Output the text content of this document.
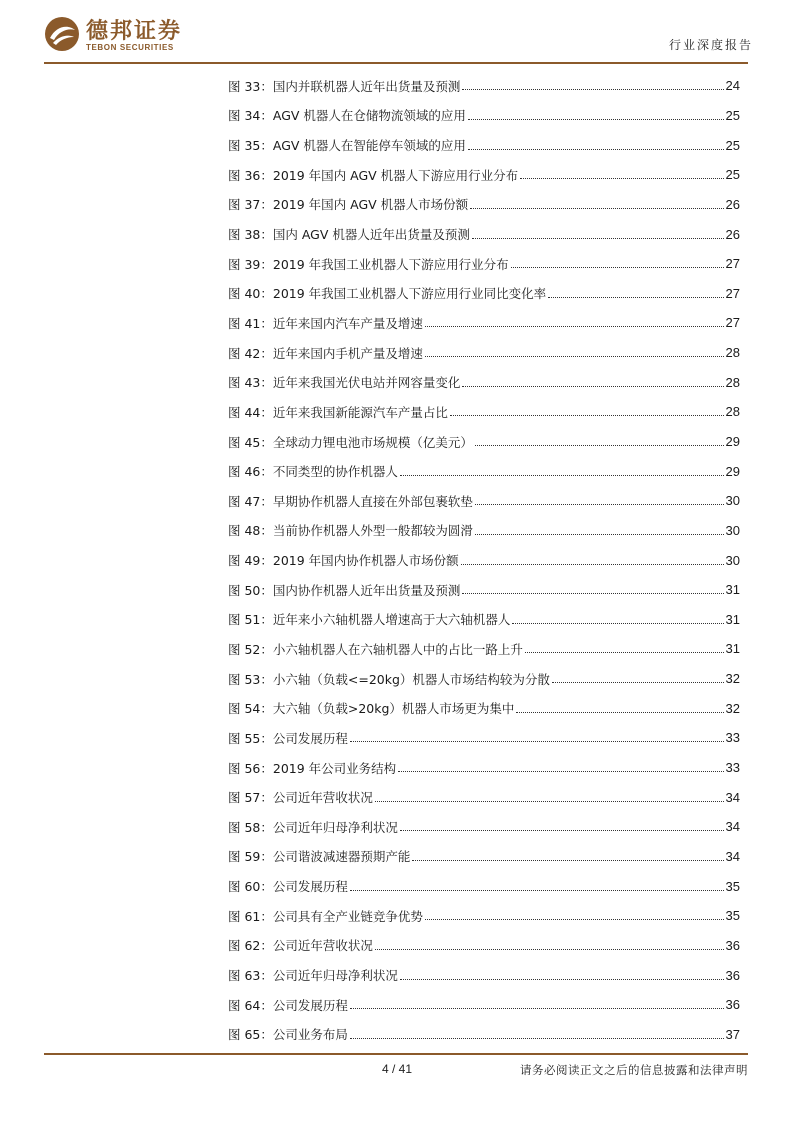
德邦证券
TEBON SECURITIES	行业深度报告
图 33：国内并联机器人近年出货量及预测	24
图 34：AGV 机器人在仓储物流领域的应用	25
图 35：AGV 机器人在智能停车领域的应用	25
图 36：2019 年国内 AGV 机器人下游应用行业分布	25
图 37：2019 年国内 AGV 机器人市场份额	26
图 38：国内 AGV 机器人近年出货量及预测	26
图 39：2019 年我国工业机器人下游应用行业分布	27
图 40：2019 年我国工业机器人下游应用行业同比变化率	27
图 41：近年来国内汽车产量及增速	27
图 42：近年来国内手机产量及增速	28
图 43：近年来我国光伏电站并网容量变化	28
图 44：近年来我国新能源汽车产量占比	28
图 45：全球动力锂电池市场规模（亿美元）	29
图 46：不同类型的协作机器人	29
图 47：早期协作机器人直接在外部包裹软垫	30
图 48：当前协作机器人外型一般都较为圆滑	30
图 49：2019 年国内协作机器人市场份额	30
图 50：国内协作机器人近年出货量及预测	31
图 51：近年来小六轴机器人增速高于大六轴机器人	31
图 52：小六轴机器人在六轴机器人中的占比一路上升	31
图 53：小六轴（负载<=20kg）机器人市场结构较为分散	32
图 54：大六轴（负载>20kg）机器人市场更为集中	32
图 55：公司发展历程	33
图 56：2019 年公司业务结构	33
图 57：公司近年营收状况	34
图 58：公司近年归母净利状况	34
图 59：公司谐波减速器预期产能	34
图 60：公司发展历程	35
图 61：公司具有全产业链竞争优势	35
图 62：公司近年营收状况	36
图 63：公司近年归母净利状况	36
图 64：公司发展历程	36
图 65：公司业务布局	37
4 / 41	请务必阅读正文之后的信息披露和法律声明
